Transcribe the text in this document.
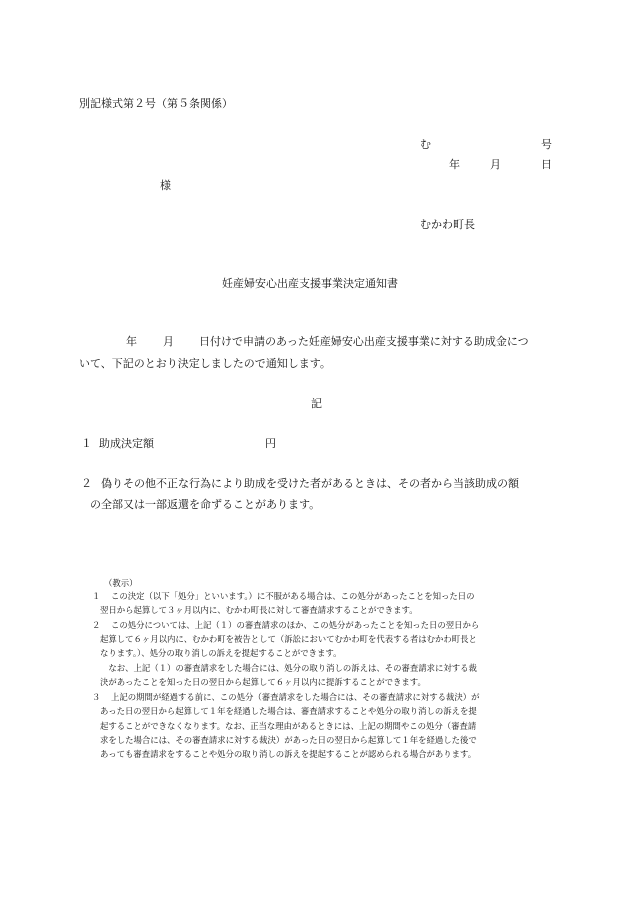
別記様式第２号（第５条関係）
む	号
年	月	日
様
むかわ町長
妊産婦安心出産支援事業決定通知書
年 月 日付けで申請のあった妊産婦安心出産支援事業に対する助成金につ
いて、下記のとおり決定しましたので通知します。
記
１ 助成決定額	円
２ 偽りその他不正な行為により助成を受けた者があるときは、その者から当該助成の額
の全部又は一部返還を命ずることがあります。
（教示）
１ この決定（以下「処分」といいます。）に不服がある場合は、この処分があったことを知った日の
翌日から起算して３ヶ月以内に、むかわ町長に対して審査請求することができます。
２ この処分については、上記（１）の審査請求のほか、この処分があったことを知った日の翌日から
起算して６ヶ月以内に、むかわ町を被告として（訴訟においてむかわ町を代表する者はむかわ町長と
なります。）、処分の取り消しの訴えを提起することができます。
　なお、上記（１）の審査請求をした場合には、処分の取り消しの訴えは、その審査請求に対する裁
決があったことを知った日の翌日から起算して６ヶ月以内に提訴することができます。
３ 上記の期間が経過する前に、この処分（審査請求をした場合には、その審査請求に対する裁決）が
あった日の翌日から起算して１年を経過した場合は、審査請求することや処分の取り消しの訴えを提
起することができなくなります。なお、正当な理由があるときには、上記の期間やこの処分（審査請
求をした場合には、その審査請求に対する裁決）があった日の翌日から起算して１年を経過した後で
あっても審査請求をすることや処分の取り消しの訴えを提起することが認められる場合があります。
